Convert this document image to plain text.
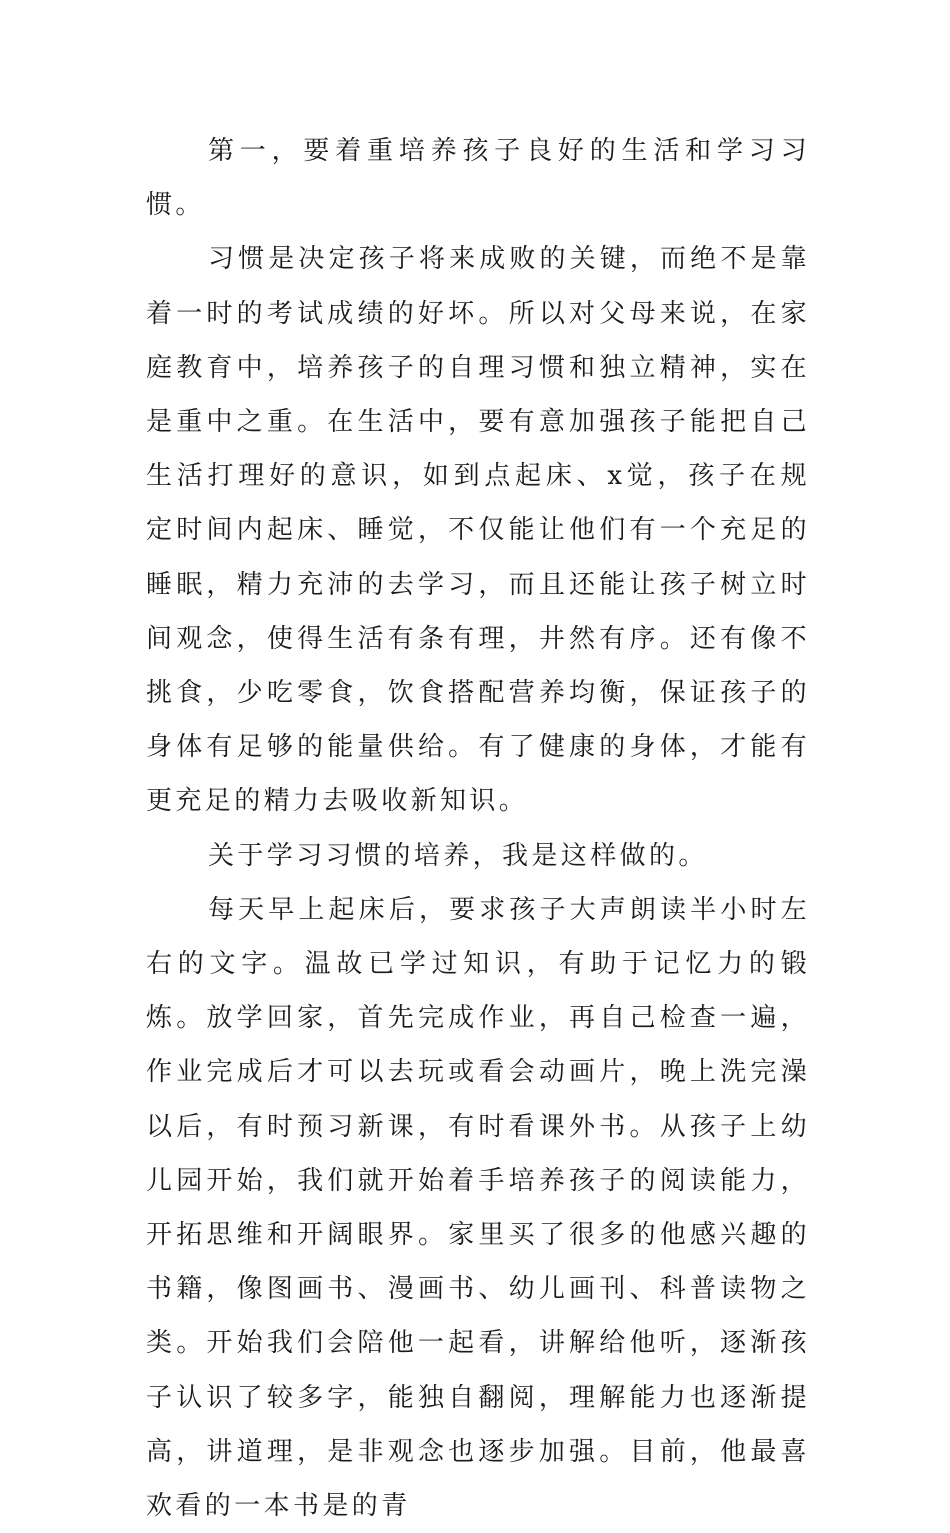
第一，要着重培养孩子良好的生活和学习习惯。

习惯是决定孩子将来成败的关键，而绝不是靠着一时的考试成绩的好坏。所以对父母来说，在家庭教育中，培养孩子的自理习惯和独立精神，实在是重中之重。在生活中，要有意加强孩子能把自己生活打理好的意识，如到点起床、x觉，孩子在规定时间内起床、睡觉，不仅能让他们有一个充足的睡眠，精力充沛的去学习，而且还能让孩子树立时间观念，使得生活有条有理，井然有序。还有像不挑食，少吃零食，饮食搭配营养均衡，保证孩子的身体有足够的能量供给。有了健康的身体，才能有更充足的精力去吸收新知识。

关于学习习惯的培养，我是这样做的。

每天早上起床后，要求孩子大声朗读半小时左右的文字。温故已学过知识，有助于记忆力的锻炼。放学回家，首先完成作业，再自己检查一遍，作业完成后才可以去玩或看会动画片，晚上洗完澡以后，有时预习新课，有时看课外书。从孩子上幼儿园开始，我们就开始着手培养孩子的阅读能力，开拓思维和开阔眼界。家里买了很多的他感兴趣的书籍，像图画书、漫画书、幼儿画刊、科普读物之类。开始我们会陪他一起看，讲解给他听，逐渐孩子认识了较多字，能独自翻阅，理解能力也逐渐提高，讲道理，是非观念也逐步加强。目前，他最喜欢看的一本书是的青
